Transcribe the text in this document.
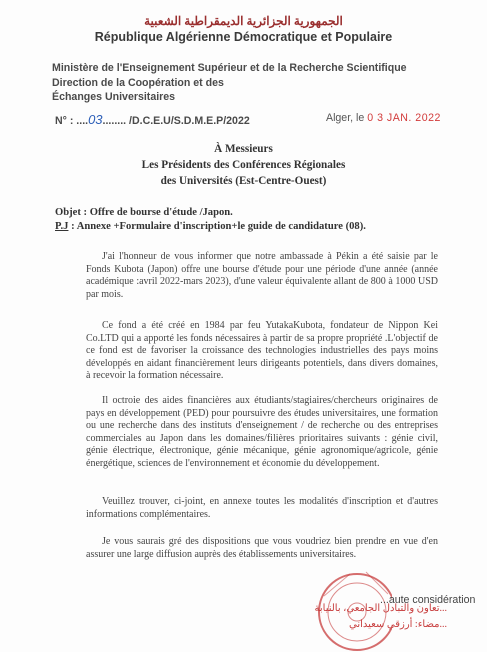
الجمهورية الجزائرية الديمقراطية الشعبية
République Algérienne Démocratique et Populaire
Ministère de l'Enseignement Supérieur et de la Recherche Scientifique
Direction de la Coopération et des
Échanges Universitaires
N° : ....03........ /D.C.E.U/S.D.M.E.P/2022	Alger, le 0 3 JAN. 2022
À Messieurs
Les Présidents des Conférences Régionales
des Universités (Est-Centre-Ouest)
Objet : Offre de bourse d'étude /Japon.
P.J : Annexe +Formulaire d'inscription+le guide de candidature (08).

J'ai l'honneur de vous informer que notre ambassade à Pékin a été saisie par le Fonds Kubota (Japon) offre une bourse d'étude pour une période d'une année (année académique :avril 2022-mars 2023), d'une valeur équivalente allant de 800 à 1000 USD par mois.

Ce fond a été créé en 1984 par feu YutakaKubota, fondateur de Nippon Kei Co.LTD qui a apporté les fonds nécessaires à partir de sa propre propriété .L'objectif de ce fond est de favoriser la croissance des technologies industrielles des pays moins développés en aidant financièrement leurs dirigeants potentiels, dans divers domaines, à recevoir la formation nécessaire.

Il octroie des aides financières aux étudiants/stagiaires/chercheurs originaires de pays en développement (PED) pour poursuivre des études universitaires, une formation ou une recherche dans des instituts d'enseignement / de recherche ou des entreprises commerciales au Japon dans les domaines/filières prioritaires suivants : génie civil, génie électrique, électronique, génie mécanique, génie agronomique/agricole, génie énergétique, sciences de l'environnement et économie du développement.

Veuillez trouver, ci-joint, en annexe toutes les modalités d'inscription et d'autres informations complémentaires.

Je vous saurais gré des dispositions que vous voudriez bien prendre en vue d'en assurer une large diffusion auprès des établissements universitaires.

...aute considération
...تعاون والتبادل الجامعي، بالنيابة
...مضاء: أرزقي سعيداني
